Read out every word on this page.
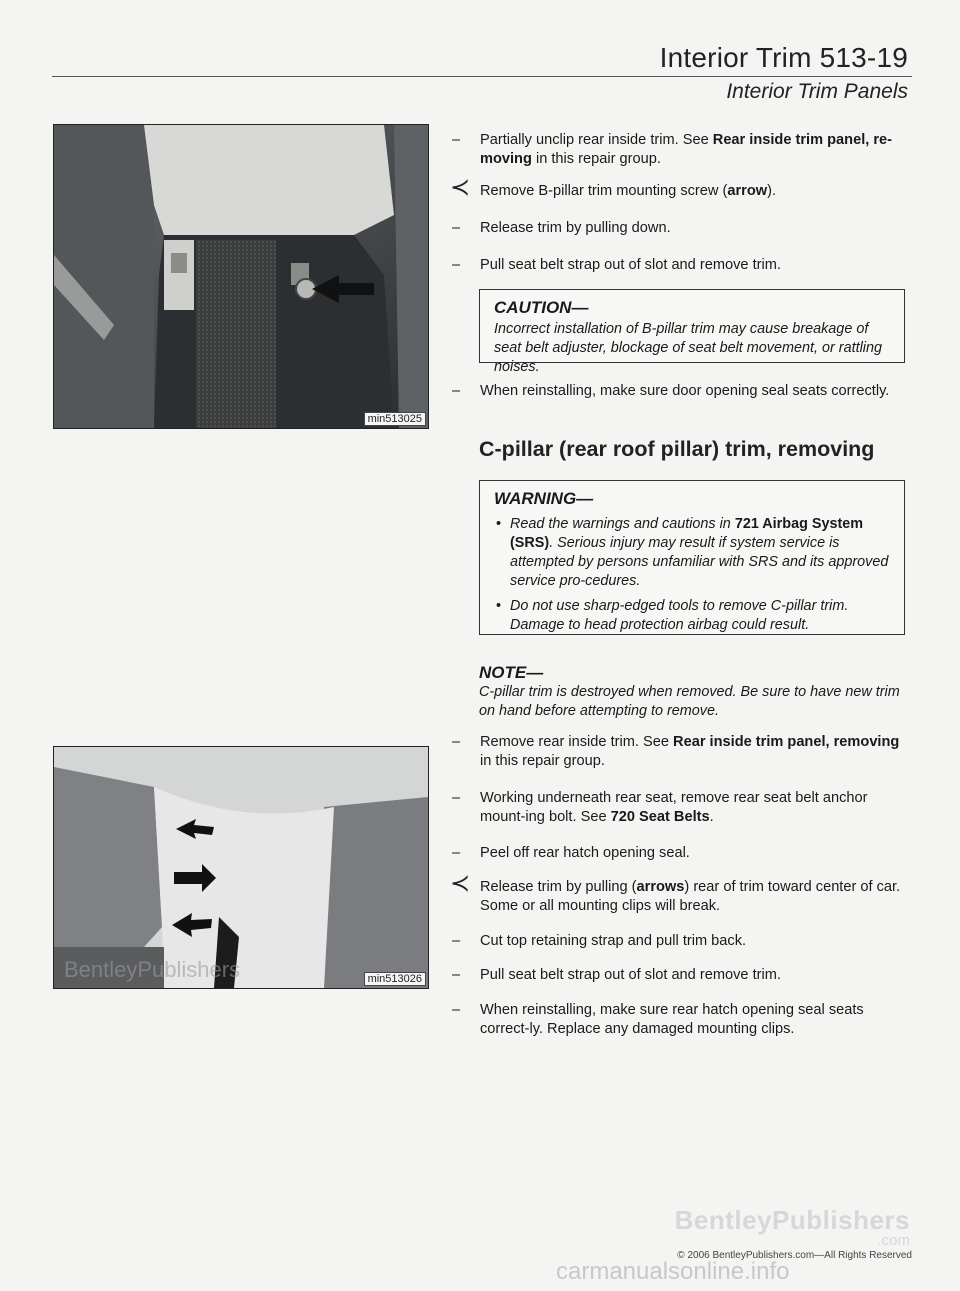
Interior Trim 513-19
Interior Trim Panels
min513025
BentleyPublishers	min513026
–	Partially unclip rear inside trim. See Rear inside trim panel, re-moving in this repair group.
≺ Remove B-pillar trim mounting screw (arrow).
–	Release trim by pulling down.
–	Pull seat belt strap out of slot and remove trim.
CAUTION—
Incorrect installation of B-pillar trim may cause breakage of seat belt adjuster, blockage of seat belt movement, or rattling noises.
–	When reinstalling, make sure door opening seal seats correctly.
C-pillar (rear roof pillar) trim, removing
WARNING—
• Read the warnings and cautions in 721 Airbag System (SRS). Serious injury may result if system service is attempted by persons unfamiliar with SRS and its approved service pro-cedures.
• Do not use sharp-edged tools to remove C-pillar trim. Damage to head protection airbag could result.
NOTE—
C-pillar trim is destroyed when removed. Be sure to have new trim on hand before attempting to remove.
–	Remove rear inside trim. See Rear inside trim panel, removing in this repair group.
–	Working underneath rear seat, remove rear seat belt anchor mount-ing bolt. See 720 Seat Belts.
–	Peel off rear hatch opening seal.
≺ Release trim by pulling (arrows) rear of trim toward center of car. Some or all mounting clips will break.
–	Cut top retaining strap and pull trim back.
–	Pull seat belt strap out of slot and remove trim.
–	When reinstalling, make sure rear hatch opening seal seats correct-ly. Replace any damaged mounting clips.
BentleyPublishers
.com
© 2006 BentleyPublishers.com—All Rights Reserved
carmanualsonline.info
